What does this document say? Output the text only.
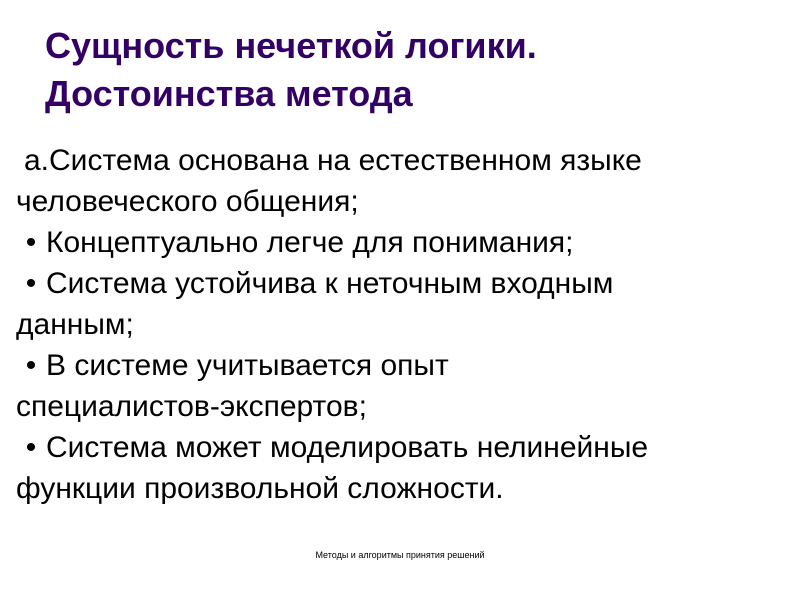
Сущность нечеткой логики.
Достоинства метода
а.Система основана на естественном языке
человеческого общения;
• Концептуально легче для понимания;
• Система устойчива к неточным входным
данным;
• В системе учитывается опыт
специалистов-экспертов;
• Система может моделировать нелинейные
функции произвольной сложности.
Методы и алгоритмы принятия решений
